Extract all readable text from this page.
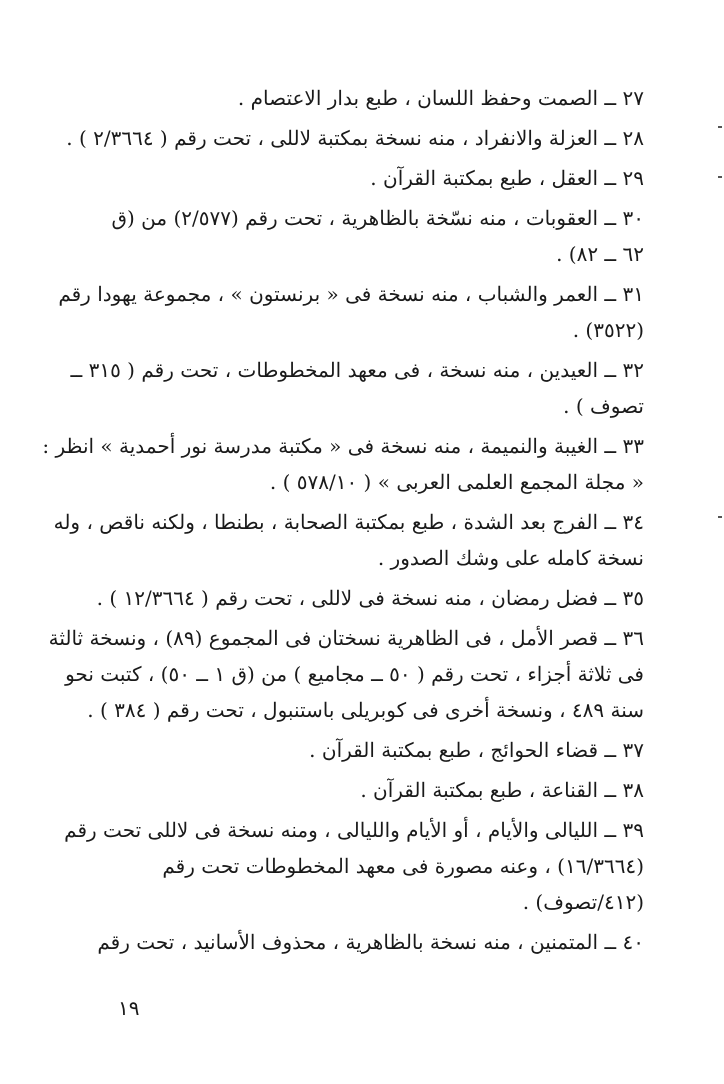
٢٧ ــ الصمت وحفظ اللسان ، طبع بدار الاعتصام .
٢٨ ــ العزلة والانفراد ، منه نسخة بمكتبة لاللى ، تحت رقم ( ٢/٣٦٦٤ ) .
٢٩ ــ العقل ، طبع بمكتبة القرآن .
٣٠ ــ العقوبات ، منه نسّخة بالظاهرية ، تحت رقم (٢/٥٧٧) من (ق
٦٢ ــ ٨٢) .
٣١ ــ العمر والشباب ، منه نسخة فى « برنستون » ، مجموعة يهودا رقم
(٣٥٢٢) .
٣٢ ــ العيدين ، منه نسخة ، فى معهد المخطوطات ، تحت رقم ( ٣١٥ ــ
تصوف ) .
٣٣ ــ الغيبة والنميمة ، منه نسخة فى « مكتبة مدرسة نور أحمدية » انظر :
« مجلة المجمع العلمى العربى » ( ٥٧٨/١٠ ) .
٣٤ ــ الفرج بعد الشدة ، طبع بمكتبة الصحابة ، بطنطا ، ولكنه ناقص ، وله
نسخة كامله على وشك الصدور .
٣٥ ــ فضل رمضان ، منه نسخة فى لاللى ، تحت رقم ( ١٢/٣٦٦٤ ) .
٣٦ ــ قصر الأمل ، فى الظاهرية نسختان فى المجموع (٨٩) ، ونسخة ثالثة
فى ثلاثة أجزاء ، تحت رقم ( ٥٠ ــ مجاميع ) من (ق ١ ــ ٥٠) ، كتبت نحو
سنة ٤٨٩ ، ونسخة أخرى فى كوبريلى باستنبول ، تحت رقم ( ٣٨٤ ) .
٣٧ ــ قضاء الحوائج ، طبع بمكتبة القرآن .
٣٨ ــ القناعة ، طبع بمكتبة القرآن .
٣٩ ــ الليالى والأيام ، أو الأيام والليالى ، ومنه نسخة فى لاللى تحت رقم
(١٦/٣٦٦٤) ، وعنه مصورة فى معهد المخطوطات تحت رقم
(٤١٢/تصوف) .
٤٠ ــ المتمنين ، منه نسخة بالظاهرية ، محذوف الأسانيد ، تحت رقم
١٩
